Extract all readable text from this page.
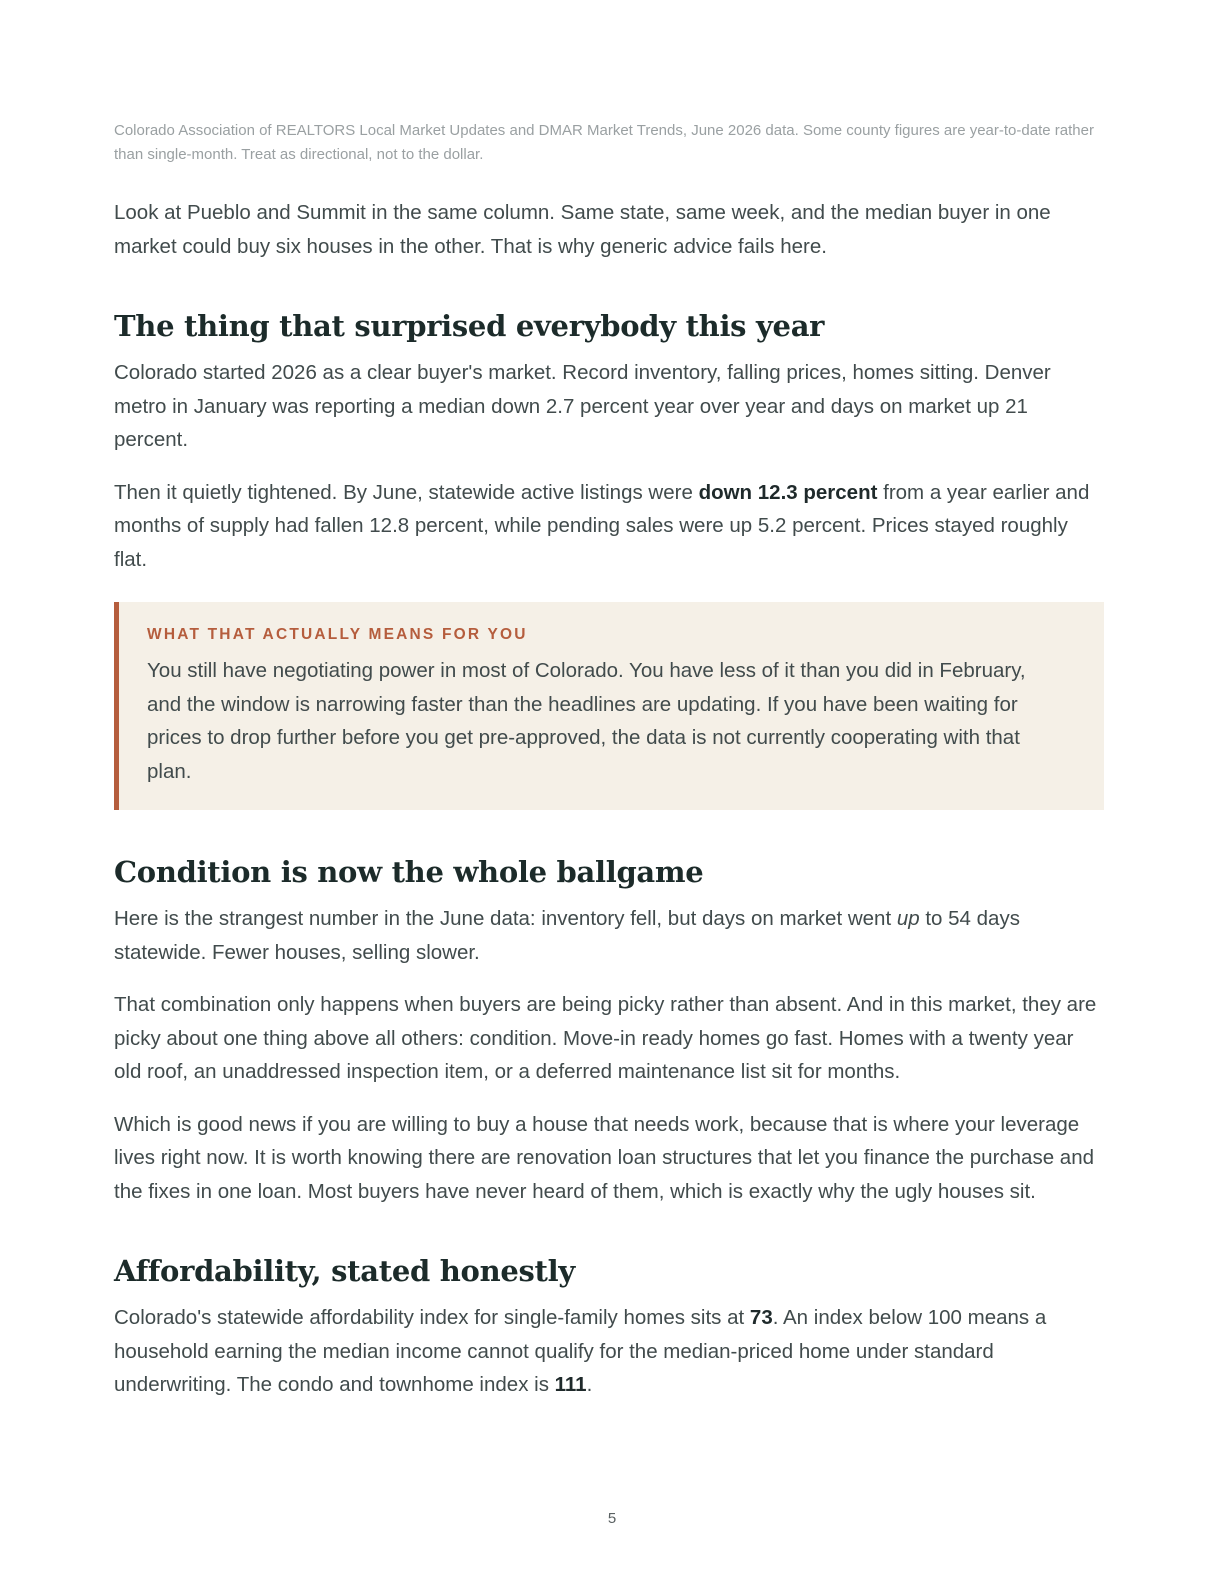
Colorado Association of REALTORS Local Market Updates and DMAR Market Trends, June 2026 data. Some county figures are year-to-date rather than single-month. Treat as directional, not to the dollar.

Look at Pueblo and Summit in the same column. Same state, same week, and the median buyer in one market could buy six houses in the other. That is why generic advice fails here.

The thing that surprised everybody this year

Colorado started 2026 as a clear buyer's market. Record inventory, falling prices, homes sitting. Denver metro in January was reporting a median down 2.7 percent year over year and days on market up 21 percent.

Then it quietly tightened. By June, statewide active listings were down 12.3 percent from a year earlier and months of supply had fallen 12.8 percent, while pending sales were up 5.2 percent. Prices stayed roughly flat.

WHAT THAT ACTUALLY MEANS FOR YOU

You still have negotiating power in most of Colorado. You have less of it than you did in February, and the window is narrowing faster than the headlines are updating. If you have been waiting for prices to drop further before you get pre-approved, the data is not currently cooperating with that plan.

Condition is now the whole ballgame

Here is the strangest number in the June data: inventory fell, but days on market went up to 54 days statewide. Fewer houses, selling slower.

That combination only happens when buyers are being picky rather than absent. And in this market, they are picky about one thing above all others: condition. Move-in ready homes go fast. Homes with a twenty year old roof, an unaddressed inspection item, or a deferred maintenance list sit for months.

Which is good news if you are willing to buy a house that needs work, because that is where your leverage lives right now. It is worth knowing there are renovation loan structures that let you finance the purchase and the fixes in one loan. Most buyers have never heard of them, which is exactly why the ugly houses sit.

Affordability, stated honestly

Colorado's statewide affordability index for single-family homes sits at 73. An index below 100 means a household earning the median income cannot qualify for the median-priced home under standard underwriting. The condo and townhome index is 111.

5
